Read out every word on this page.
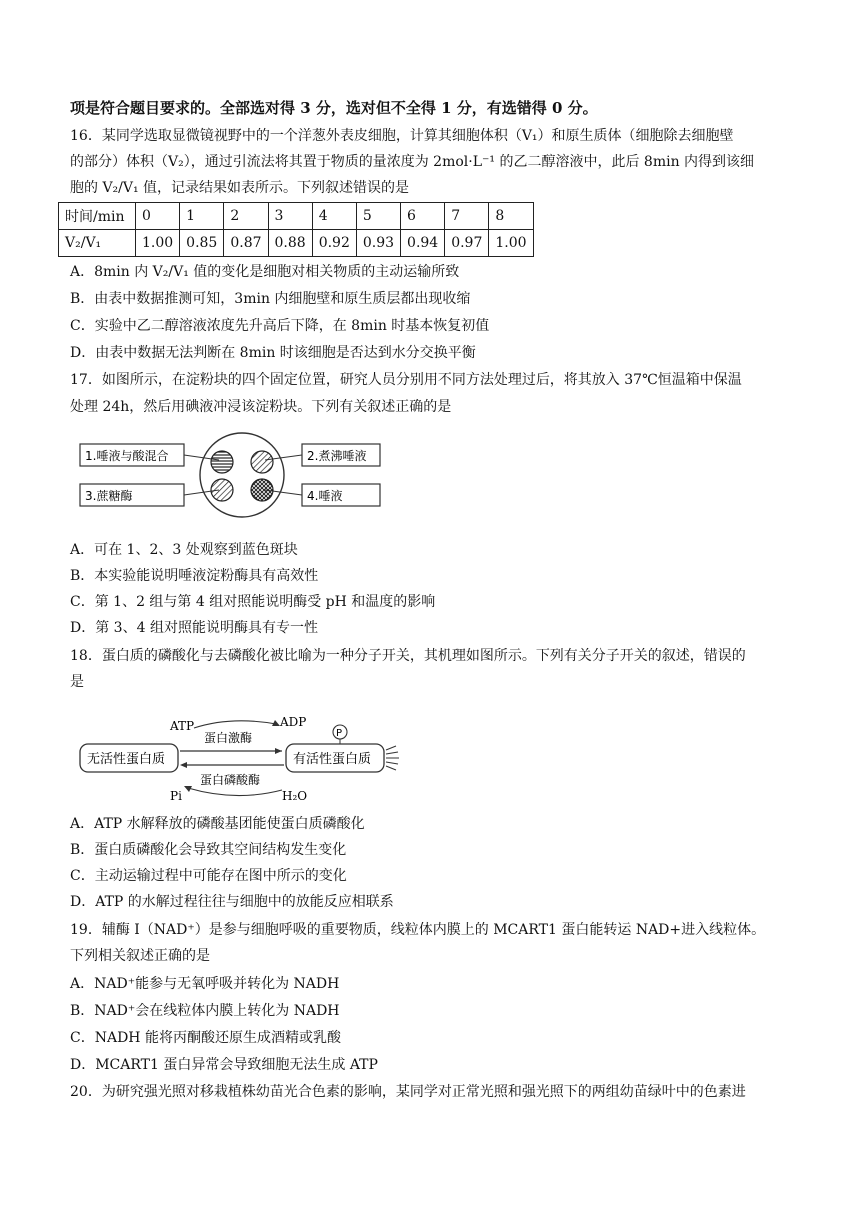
项是符合题目要求的。全部选对得 3 分，选对但不全得 1 分，有选错得 0 分。
16．某同学选取显微镜视野中的一个洋葱外表皮细胞，计算其细胞体积（V₁）和原生质体（细胞除去细胞壁
的部分）体积（V₂），通过引流法将其置于物质的量浓度为 2mol·L⁻¹ 的乙二醇溶液中，此后 8min 内得到该细
胞的 V₂/V₁ 值，记录结果如表所示。下列叙述错误的是
时间/min	0	1	2	3	4	5	6	7	8
V₂/V₁	1.00	0.85	0.87	0.88	0.92	0.93	0.94	0.97	1.00
A．8min 内 V₂/V₁ 值的变化是细胞对相关物质的主动运输所致
B．由表中数据推测可知，3min 内细胞壁和原生质层都出现收缩
C．实验中乙二醇溶液浓度先升高后下降，在 8min 时基本恢复初值
D．由表中数据无法判断在 8min 时该细胞是否达到水分交换平衡
17．如图所示，在淀粉块的四个固定位置，研究人员分别用不同方法处理过后，将其放入 37℃恒温箱中保温
处理 24h，然后用碘液冲浸该淀粉块。下列有关叙述正确的是
1.唾液与酸混合
3.蔗糖酶
2.煮沸唾液
4.唾液
A．可在 1、2、3 处观察到蓝色斑块
B．本实验能说明唾液淀粉酶具有高效性
C．第 1、2 组与第 4 组对照能说明酶受 pH 和温度的影响
D．第 3、4 组对照能说明酶具有专一性
18．蛋白质的磷酸化与去磷酸化被比喻为一种分子开关，其机理如图所示。下列有关分子开关的叙述，错误的
是
无活性蛋白质	有活性蛋白质
ATP	ADP
蛋白激酶	P
蛋白磷酸酶
Pi	H₂O
A．ATP 水解释放的磷酸基团能使蛋白质磷酸化
B．蛋白质磷酸化会导致其空间结构发生变化
C．主动运输过程中可能存在图中所示的变化
D．ATP 的水解过程往往与细胞中的放能反应相联系
19．辅酶 I（NAD⁺）是参与细胞呼吸的重要物质，线粒体内膜上的 MCART1 蛋白能转运 NAD+进入线粒体。
下列相关叙述正确的是
A．NAD⁺能参与无氧呼吸并转化为 NADH
B．NAD⁺会在线粒体内膜上转化为 NADH
C．NADH 能将丙酮酸还原生成酒精或乳酸
D．MCART1 蛋白异常会导致细胞无法生成 ATP
20．为研究强光照对移栽植株幼苗光合色素的影响，某同学对正常光照和强光照下的两组幼苗绿叶中的色素进
